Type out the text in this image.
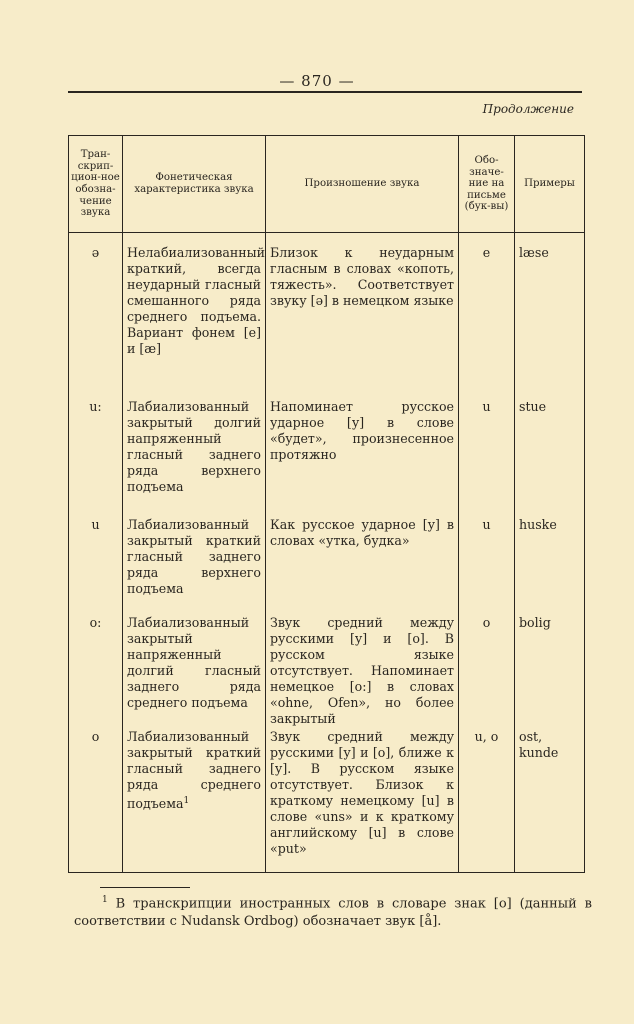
— 870 —
Продолжение
Тран-скрип-цион-ное обозна-чение звука	Фонетическая характеристика звука	Произношение звука	Обо-значе-ние на письме (бук-вы)	Примеры
ə	Нелабиализованный краткий, всегда неударный гласный смешанного ряда среднего подъема. Вариант фонем [e] и [æ]	Близок к неударным гласным в словах «копоть, тяжесть». Соответствует звуку [ə] в немецком языке	e	læse
u:	Лабиализованный закрытый долгий напряженный гласный заднего ряда верхнего подъема	Напоминает русское ударное [у] в слове «будет», произнесенное протяжно	u	stue
u	Лабиализованный закрытый краткий гласный заднего ряда верхнего подъема	Как русское ударное [у] в словах «утка, будка»	u	huske
o:	Лабиализованный закрытый напряженный долгий гласный заднего ряда среднего подъема	Звук средний между русскими [у] и [о]. В русском языке отсутствует. Напоминает немецкое [o:] в словах «ohne, Ofen», но более закрытый	o	bolig
o	Лабиализованный закрытый краткий гласный заднего ряда среднего подъема$^1$	Звук средний между русскими [у] и [о], ближе к [у]. В русском языке отсутствует. Близок к краткому немецкому [u] в слове «uns» и к краткому английскому [u] в слове «put»	u, o	ost, kunde
$^1$ В транскрипции иностранных слов в словаре знак [o] (данный в соответствии с Nudansk Ordbog) обозначает звук [å].
